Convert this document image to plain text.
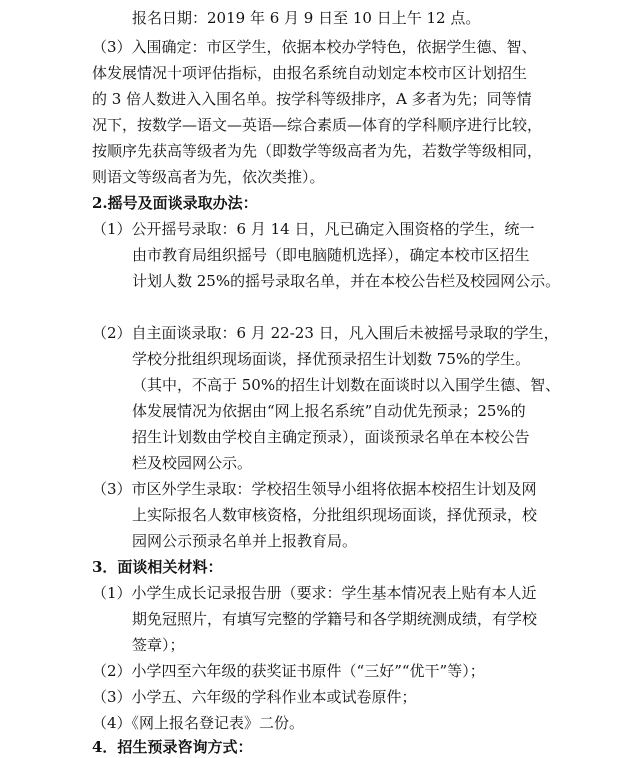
报名日期：2019 年 6 月 9 日至 10 日上午 12 点。
（3）入围确定：市区学生，依据本校办学特色，依据学生德、智、
体发展情况十项评估指标，由报名系统自动划定本校市区计划招生
的 3 倍人数进入入围名单。按学科等级排序，A 多者为先；同等情
况下，按数学—语文—英语—综合素质—体育的学科顺序进行比较，
按顺序先获高等级者为先（即数学等级高者为先，若数学等级相同，
则语文等级高者为先，依次类推）。
2.摇号及面谈录取办法：
（1）公开摇号录取：6 月 14 日，凡已确定入围资格的学生，统一
由市教育局组织摇号（即电脑随机选择），确定本校市区招生
计划人数 25%的摇号录取名单，并在本校公告栏及校园网公示。
（2）自主面谈录取：6 月 22-23 日，凡入围后未被摇号录取的学生，
学校分批组织现场面谈，择优预录招生计划数 75%的学生。
（其中，不高于 50%的招生计划数在面谈时以入围学生德、智、
体发展情况为依据由“网上报名系统”自动优先预录；25%的
招生计划数由学校自主确定预录），面谈预录名单在本校公告
栏及校园网公示。
（3）市区外学生录取：学校招生领导小组将依据本校招生计划及网
上实际报名人数审核资格，分批组织现场面谈，择优预录，校
园网公示预录名单并上报教育局。
3．面谈相关材料：
（1）小学生成长记录报告册（要求：学生基本情况表上贴有本人近
期免冠照片，有填写完整的学籍号和各学期统测成绩，有学校
签章）；
（2）小学四至六年级的获奖证书原件（“三好”“优干”等）；
（3）小学五、六年级的学科作业本或试卷原件；
（4）《网上报名登记表》二份。
4．招生预录咨询方式：
